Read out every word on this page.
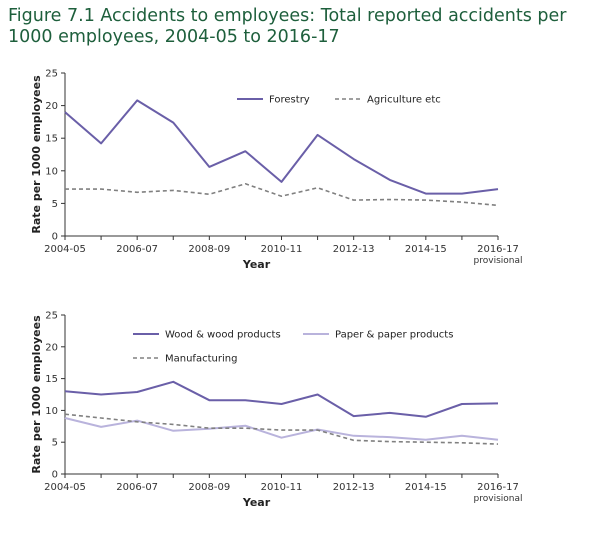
Figure 7.1 Accidents to employees: Total reported accidents per 1000 employees, 2004-05 to 2016-17
0
5
10
15
20
25
2004-05	2006-07	2008-09	2010-11	2012-13	2014-15	2016-17
provisional
Year
Rate per 1000 employees	Forestry	Agriculture etc
0
5
10
15
20
25
2004-05	2006-07	2008-09	2010-11	2012-13	2014-15	2016-17
provisional
Year
Rate per 1000 employees	Wood & wood products	Paper & paper products
Manufacturing
